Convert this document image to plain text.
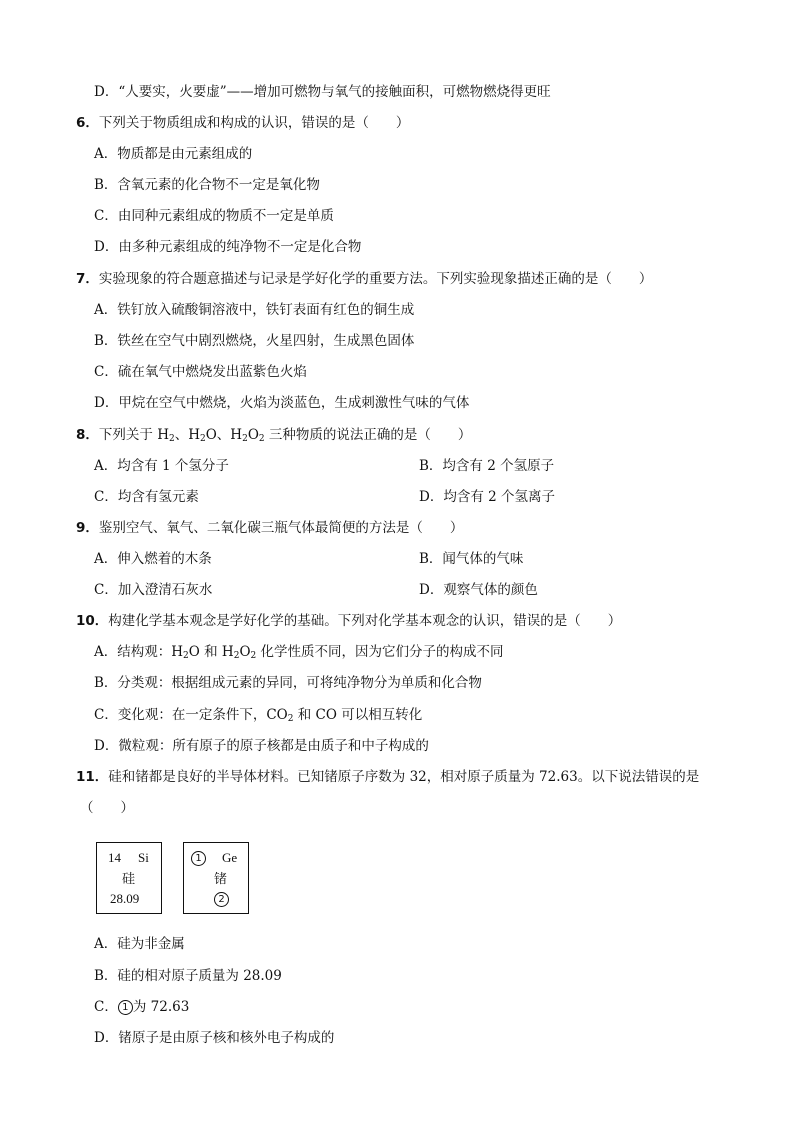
D．“人要实，火要虚”——增加可燃物与氧气的接触面积，可燃物燃烧得更旺
6．下列关于物质组成和构成的认识，错误的是（　　）
A．物质都是由元素组成的
B．含氧元素的化合物不一定是氧化物
C．由同种元素组成的物质不一定是单质
D．由多种元素组成的纯净物不一定是化合物
7．实验现象的符合题意描述与记录是学好化学的重要方法。下列实验现象描述正确的是（　　）
A．铁钉放入硫酸铜溶液中，铁钉表面有红色的铜生成
B．铁丝在空气中剧烈燃烧，火星四射，生成黑色固体
C．硫在氧气中燃烧发出蓝紫色火焰
D．甲烷在空气中燃烧，火焰为淡蓝色，生成刺激性气味的气体
8．下列关于 $H_2$、$H_2O$、$H_2O_2$ 三种物质的说法正确的是（　　）
A．均含有 1 个氢分子	B．均含有 2 个氢原子
C．均含有氢元素	D．均含有 2 个氢离子
9．鉴别空气、氧气、二氧化碳三瓶气体最简便的方法是（　　）
A．伸入燃着的木条	B．闻气体的气味
C．加入澄清石灰水	D．观察气体的颜色
10．构建化学基本观念是学好化学的基础。下列对化学基本观念的认识，错误的是（　　）
A．结构观：$H_2O$ 和 $H_2O_2$ 化学性质不同，因为它们分子的构成不同
B．分类观：根据组成元素的异同，可将纯净物分为单质和化合物
C．变化观：在一定条件下，$CO_2$ 和 CO 可以相互转化
D．微粒观：所有原子的原子核都是由质子和中子构成的
11．硅和锗都是良好的半导体材料。已知锗原子序数为 32，相对原子质量为 72.63。以下说法错误的是
（　　）
14 Si
硅
28.09
1	Ge
锗
2
A．硅为非金属
B．硅的相对原子质量为 28.09
C． 1 为 72.63
D．锗原子是由原子核和核外电子构成的
